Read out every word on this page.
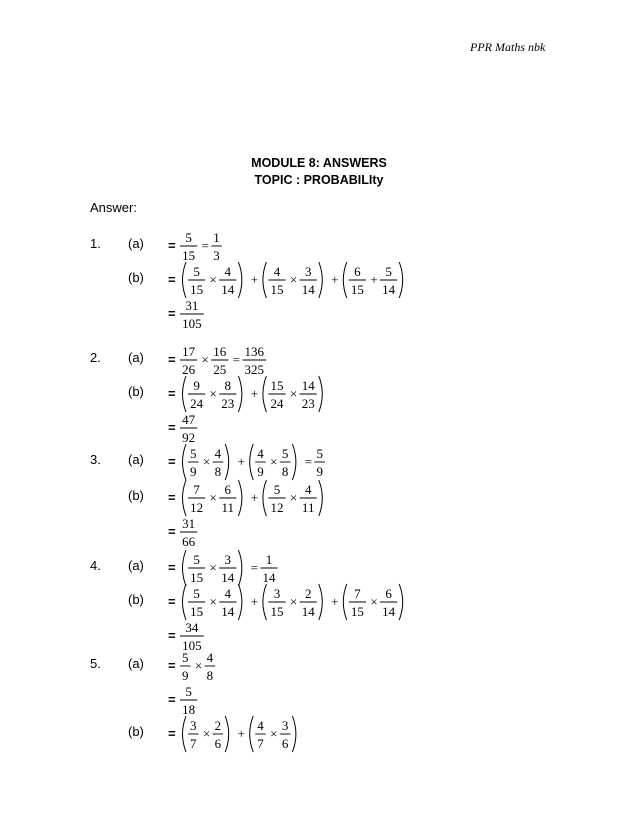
PPR Maths nbk
MODULE 8: ANSWERS
TOPIC : PROBABILIty
Answer:
1.
2.
3.
4.
5.
(a)
(b)
(a)
(b)
(a)
(b)
(a)
(b)
(a)
(b)
=
5
15
=
1
3
=
5
15
×
4
14
+
4
15
×
3
14
+
6
15
+
5
14
=
31
105
=
17
26
×
16
25
=
136
325
=
9
24
×
8
23
+
15
24
×
14
23
=
47
92
=
5
9
×
4
8
+
4
9
×
5
8
=
5
9
=
7
12
×
6
11
+
5
12
×
4
11
=
31
66
=
5
15
×
3
14
=
1
14
=
5
15
×
4
14
+
3
15
×
2
14
+
7
15
×
6
14
=
34
105
=
5
9
×
4
8
=
5
18
=
3
7
×
2
6
+
4
7
×
3
6
